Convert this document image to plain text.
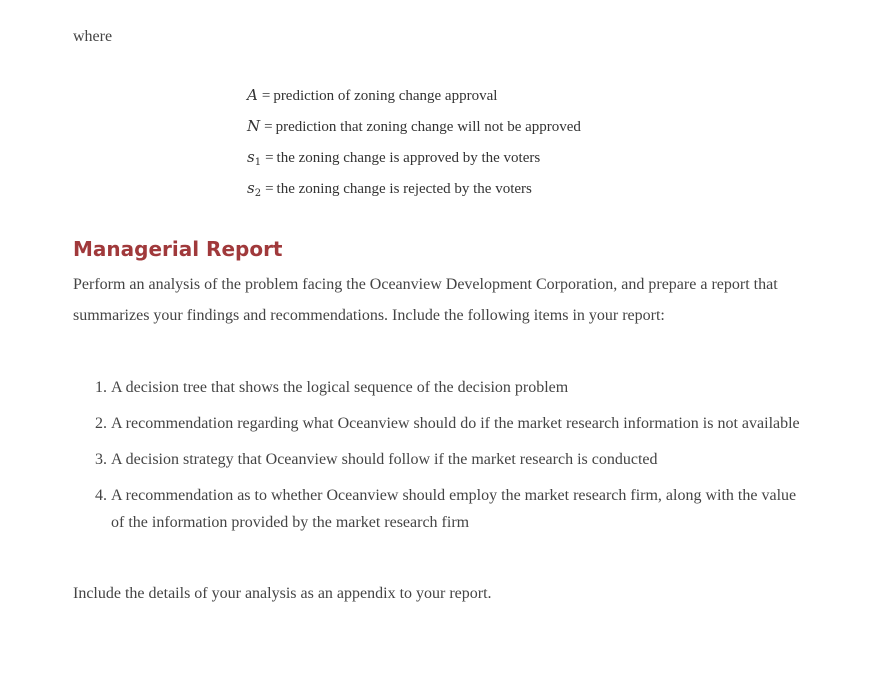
where
A = prediction of zoning change approval
N = prediction that zoning change will not be approved
$s_1$ = the zoning change is approved by the voters
$s_2$ = the zoning change is rejected by the voters
Managerial Report

Perform an analysis of the problem facing the Oceanview Development Corporation, and prepare a report that summarizes your findings and recommendations. Include the following items in your report:

1. A decision tree that shows the logical sequence of the decision problem
2. A recommendation regarding what Oceanview should do if the market research information is not available
3. A decision strategy that Oceanview should follow if the market research is conducted
4. A recommendation as to whether Oceanview should employ the market research firm, along with the value of the information provided by the market research firm

Include the details of your analysis as an appendix to your report.
